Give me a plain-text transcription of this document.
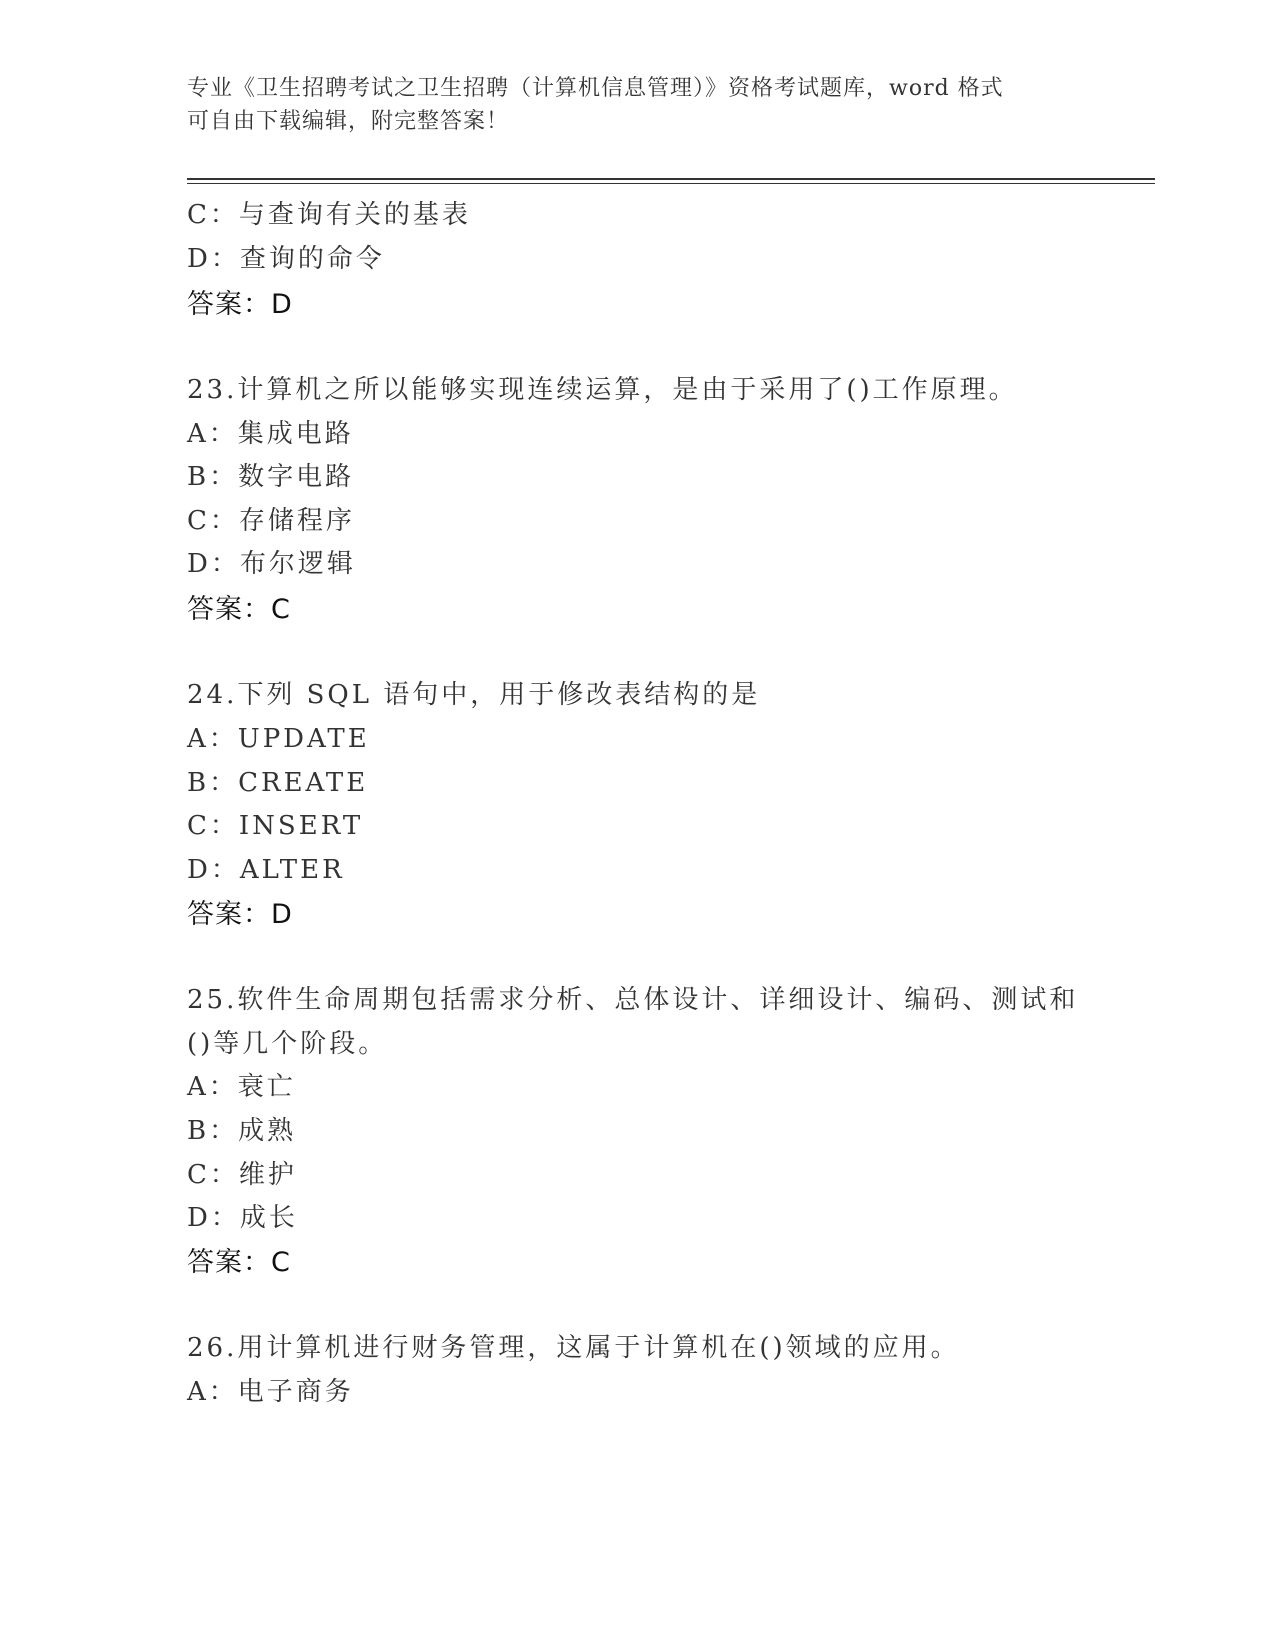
专业《卫生招聘考试之卫生招聘（计算机信息管理）》资格考试题库，word 格式
可自由下载编辑，附完整答案！
C：与查询有关的基表
D：查询的命令
答案：D
23.计算机之所以能够实现连续运算，是由于采用了()工作原理。
A：集成电路
B：数字电路
C：存储程序
D：布尔逻辑
答案：C
24.下列 SQL 语句中，用于修改表结构的是
A：UPDATE
B：CREATE
C：INSERT
D：ALTER
答案：D
25.软件生命周期包括需求分析、总体设计、详细设计、编码、测试和
()等几个阶段。
A：衰亡
B：成熟
C：维护
D：成长
答案：C
26.用计算机进行财务管理，这属于计算机在()领域的应用。
A：电子商务
